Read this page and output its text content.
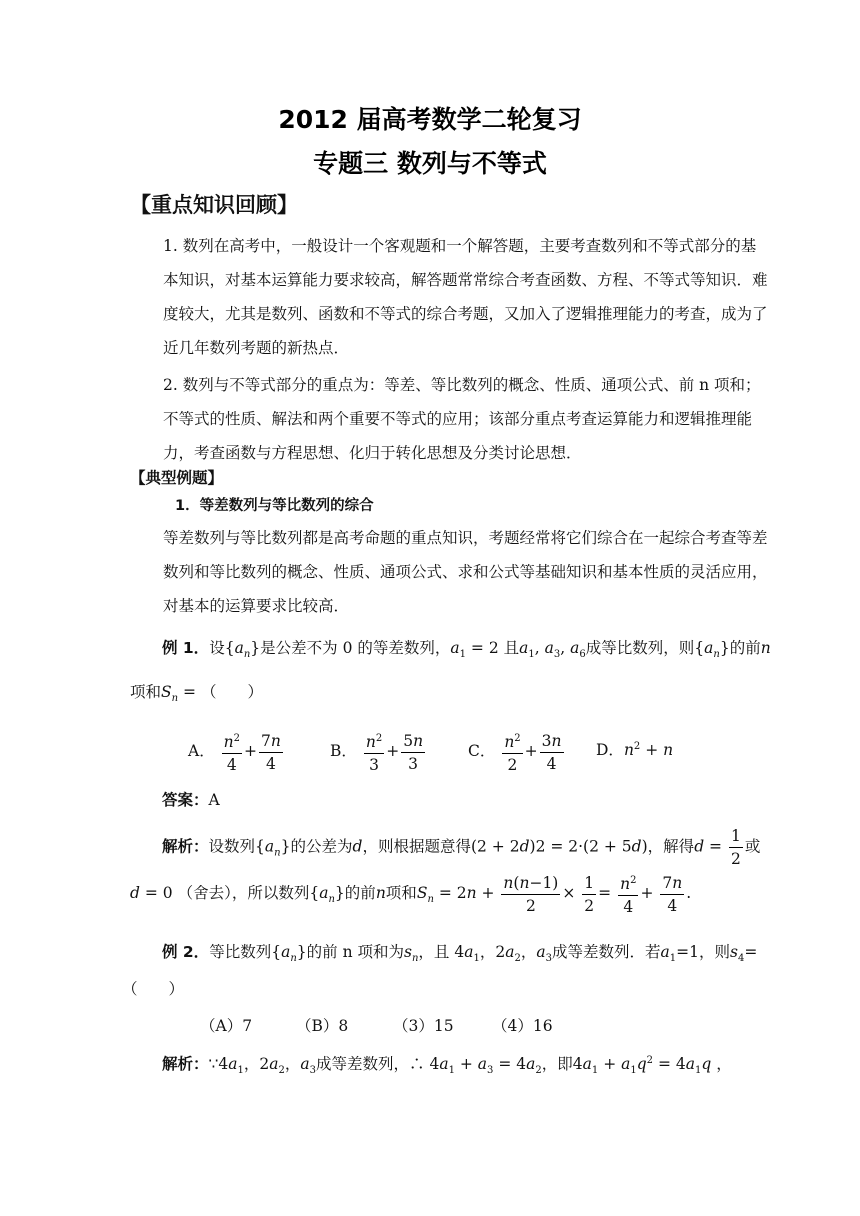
2012 届高考数学二轮复习
专题三 数列与不等式
【重点知识回顾】
1. 数列在高考中，一般设计一个客观题和一个解答题，主要考查数列和不等式部分的基本知识，对基本运算能力要求较高，解答题常常综合考查函数、方程、不等式等知识．难度较大，尤其是数列、函数和不等式的综合考题，又加入了逻辑推理能力的考查，成为了近几年数列考题的新热点．
2. 数列与不等式部分的重点为：等差、等比数列的概念、性质、通项公式、前 n 项和；不等式的性质、解法和两个重要不等式的应用；该部分重点考查运算能力和逻辑推理能力，考查函数与方程思想、化归于转化思想及分类讨论思想．
【典型例题】
1．等差数列与等比数列的综合
等差数列与等比数列都是高考命题的重点知识，考题经常将它们综合在一起综合考查等差数列和等比数列的概念、性质、通项公式、求和公式等基础知识和基本性质的灵活应用，对基本的运算要求比较高．
例 1．设$\{a_n\}$是公差不为 0 的等差数列，$a_1 = 2$ 且$a_1$, $a_3$, $a_6$成等比数列，则$\{a_n\}$的前n
项和$S_n$ = （　　）
A． $\frac{n^2}{4} + \frac{7n}{4}$	B． $\frac{n^2}{3} + \frac{5n}{3}$	C． $\frac{n^2}{2} + \frac{3n}{4}$ D．$n^2 + n$
答案：A
解析：设数列$\{a_n\}$的公差为d，则根据题意得(2 + 2d)2 = 2·(2 + 5d)，解得$d = \frac{1}{2}$ 或
d = 0 （舍去），所以数列$\{a_n\}$的前n项和$S_n = 2n + \frac{n(n-1)}{2} \times \frac{1}{2} = \frac{n^2}{4} + \frac{7n}{4}$ .
例 2．等比数列$\{a_n\}$的前 n 项和为$s_n$，且 $4a_1$，$2a_2$，$a_3$成等差数列．若$a_1=1$，则$s_4=$
（　　）
（A）7	（B）8	（3）15 （4）16
解析：$\because 4a_1$，$2a_2$，$a_3$成等差数列，∴ $4a_1 + a_3 = 4a_2$，即$4a_1 + a_1q^2 = 4a_1q$ ，
